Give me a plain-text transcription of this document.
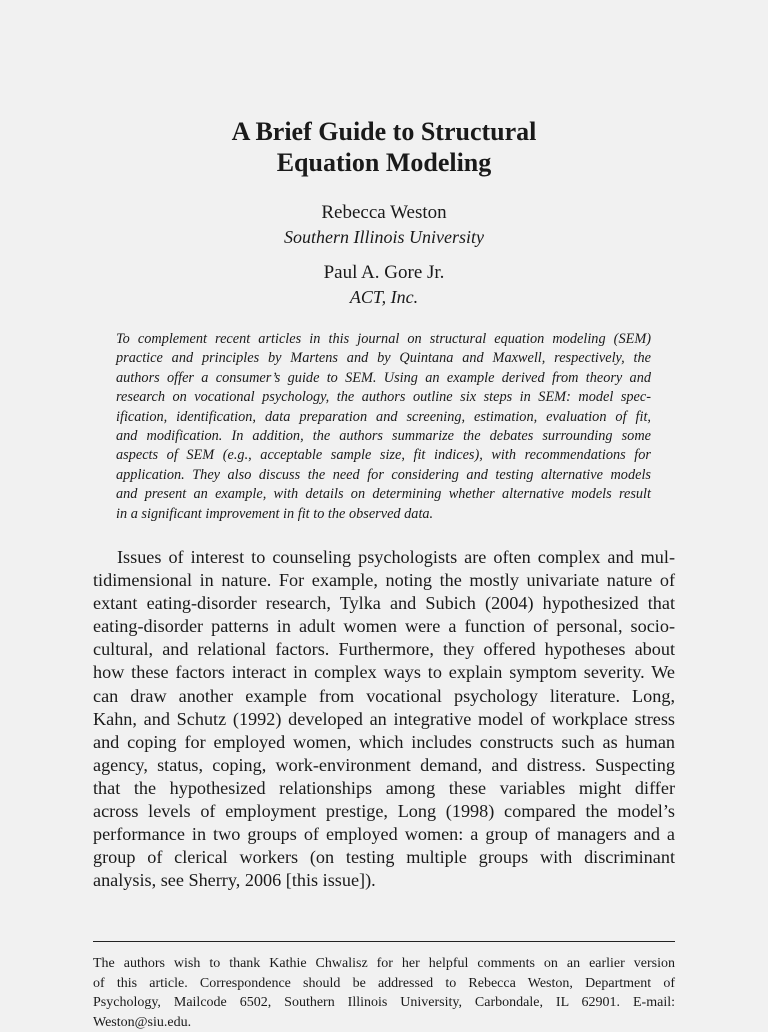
A Brief Guide to Structural
Equation Modeling
Rebecca Weston
Southern Illinois University
Paul A. Gore Jr.
ACT, Inc.
To complement recent articles in this journal on structural equation modeling (SEM)
practice and principles by Martens and by Quintana and Maxwell, respectively, the
authors offer a consumer’s guide to SEM. Using an example derived from theory and
research on vocational psychology, the authors outline six steps in SEM: model spec-
ification, identification, data preparation and screening, estimation, evaluation of fit,
and modification. In addition, the authors summarize the debates surrounding some
aspects of SEM (e.g., acceptable sample size, fit indices), with recommendations for
application. They also discuss the need for considering and testing alternative models
and present an example, with details on determining whether alternative models result
in a significant improvement in fit to the observed data.
Issues of interest to counseling psychologists are often complex and mul-
tidimensional in nature. For example, noting the mostly univariate nature of
extant eating-disorder research, Tylka and Subich (2004) hypothesized that
eating-disorder patterns in adult women were a function of personal, socio-
cultural, and relational factors. Furthermore, they offered hypotheses about
how these factors interact in complex ways to explain symptom severity. We
can draw another example from vocational psychology literature. Long,
Kahn, and Schutz (1992) developed an integrative model of workplace stress
and coping for employed women, which includes constructs such as human
agency, status, coping, work-environment demand, and distress. Suspecting
that the hypothesized relationships among these variables might differ
across levels of employment prestige, Long (1998) compared the model’s
performance in two groups of employed women: a group of managers and a
group of clerical workers (on testing multiple groups with discriminant
analysis, see Sherry, 2006 [this issue]).
The authors wish to thank Kathie Chwalisz for her helpful comments on an earlier version
of this article. Correspondence should be addressed to Rebecca Weston, Department of
Psychology, Mailcode 6502, Southern Illinois University, Carbondale, IL 62901. E-mail:
Weston@siu.edu.
